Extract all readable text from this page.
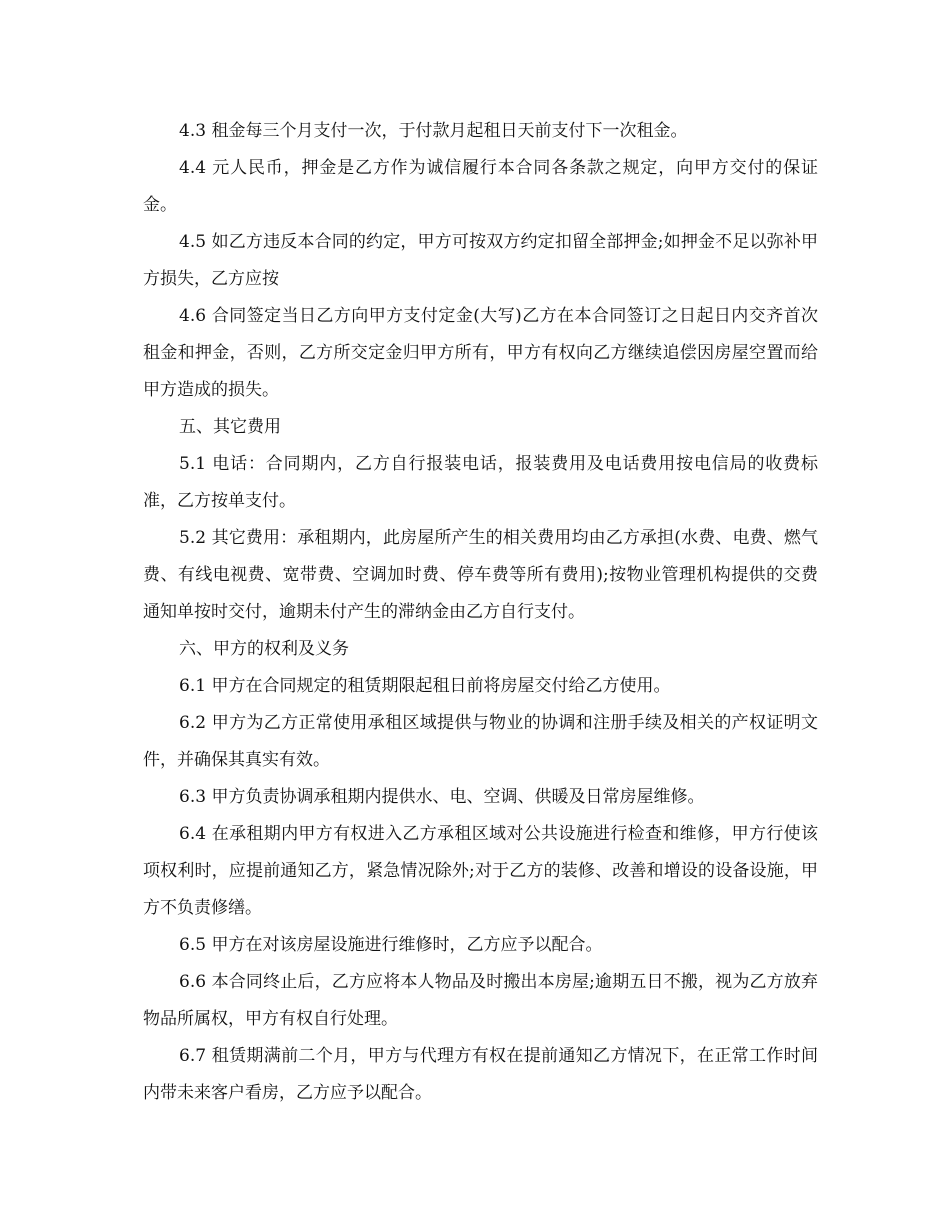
4.3 租金每三个月支付一次，于付款月起租日天前支付下一次租金。

4.4 元人民币，押金是乙方作为诚信履行本合同各条款之规定，向甲方交付的保证金。

4.5 如乙方违反本合同的约定，甲方可按双方约定扣留全部押金;如押金不足以弥补甲方损失，乙方应按

4.6 合同签定当日乙方向甲方支付定金(大写)乙方在本合同签订之日起日内交齐首次租金和押金，否则，乙方所交定金归甲方所有，甲方有权向乙方继续追偿因房屋空置而给甲方造成的损失。

五、其它费用

5.1 电话：合同期内，乙方自行报装电话，报装费用及电话费用按电信局的收费标准，乙方按单支付。

5.2 其它费用：承租期内，此房屋所产生的相关费用均由乙方承担(水费、电费、燃气费、有线电视费、宽带费、空调加时费、停车费等所有费用);按物业管理机构提供的交费通知单按时交付，逾期未付产生的滞纳金由乙方自行支付。

六、甲方的权利及义务

6.1 甲方在合同规定的租赁期限起租日前将房屋交付给乙方使用。

6.2 甲方为乙方正常使用承租区域提供与物业的协调和注册手续及相关的产权证明文件，并确保其真实有效。

6.3 甲方负责协调承租期内提供水、电、空调、供暖及日常房屋维修。

6.4 在承租期内甲方有权进入乙方承租区域对公共设施进行检查和维修，甲方行使该项权利时，应提前通知乙方，紧急情况除外;对于乙方的装修、改善和增设的设备设施，甲方不负责修缮。

6.5 甲方在对该房屋设施进行维修时，乙方应予以配合。

6.6 本合同终止后，乙方应将本人物品及时搬出本房屋;逾期五日不搬，视为乙方放弃物品所属权，甲方有权自行处理。

6.7 租赁期满前二个月，甲方与代理方有权在提前通知乙方情况下，在正常工作时间内带未来客户看房，乙方应予以配合。
